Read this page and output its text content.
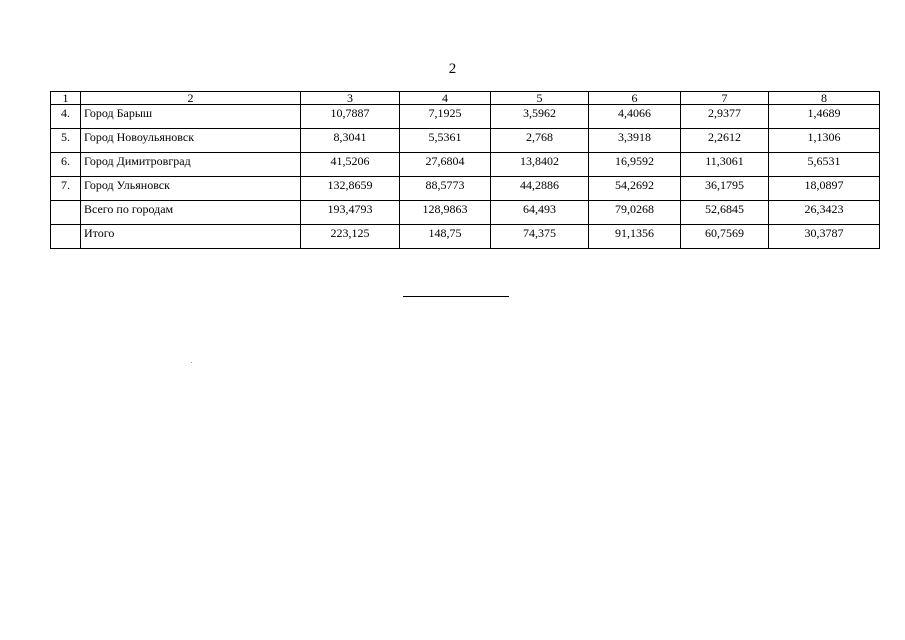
2
1	2	3	4	5	6	7	8
4.	Город Барыш	10,7887	7,1925	3,5962	4,4066	2,9377	1,4689
5.	Город Новоульяновск	8,3041	5,5361	2,768	3,3918	2,2612	1,1306
6.	Город Димитровград	41,5206	27,6804	13,8402	16,9592	11,3061	5,6531
7.	Город Ульяновск	132,8659	88,5773	44,2886	54,2692	36,1795	18,0897
	Всего по городам	193,4793	128,9863	64,493	79,0268	52,6845	26,3423
	Итого	223,125	148,75	74,375	91,1356	60,7569	30,3787
